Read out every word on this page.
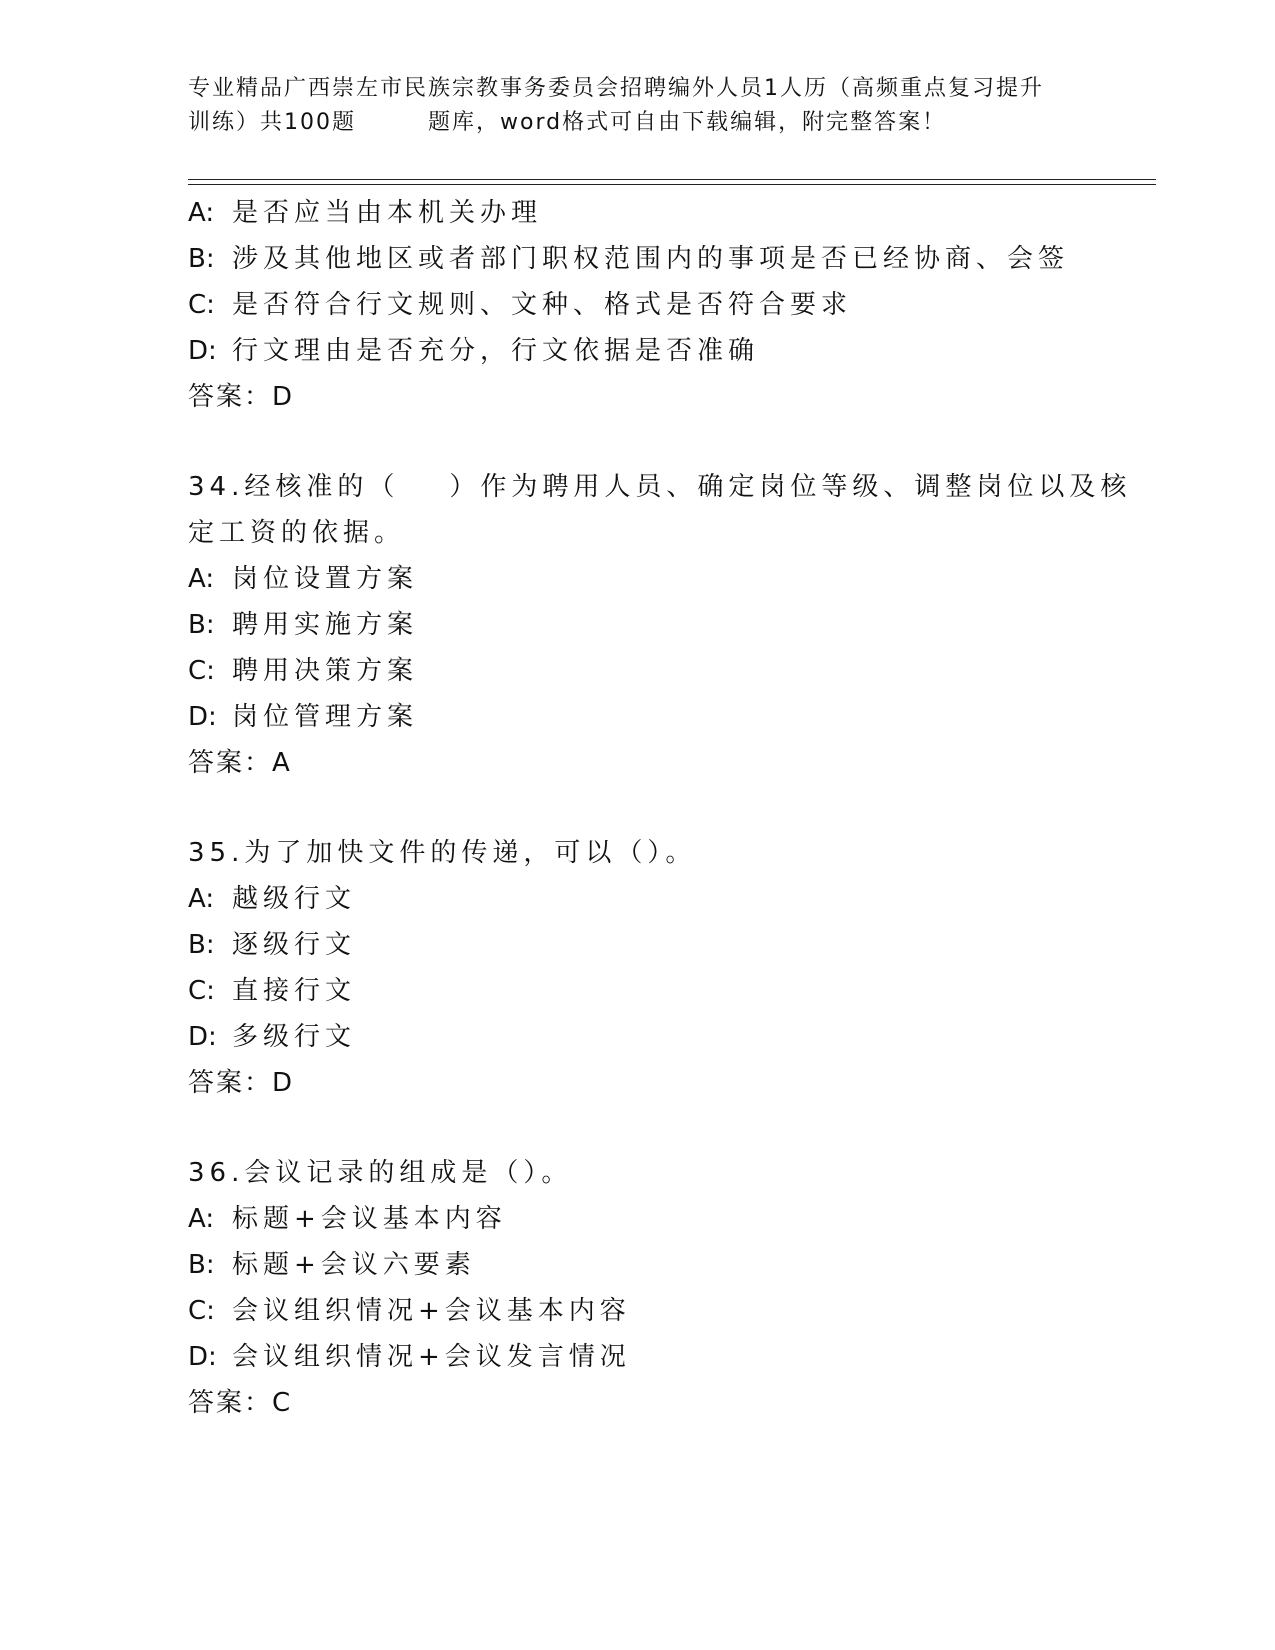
专业精品广西崇左市民族宗教事务委员会招聘编外人员1人历（高频重点复习提升
训练）共100题	题库，word格式可自由下载编辑，附完整答案！
A: 是否应当由本机关办理
B: 涉及其他地区或者部门职权范围内的事项是否已经协商、会签
C: 是否符合行文规则、文种、格式是否符合要求
D: 行文理由是否充分，行文依据是否准确
答案：D
34.经核准的（ ）作为聘用人员、确定岗位等级、调整岗位以及核
定工资的依据。
A: 岗位设置方案
B: 聘用实施方案
C: 聘用决策方案
D: 岗位管理方案
答案：A
35.为了加快文件的传递，可以（）。
A: 越级行文
B: 逐级行文
C: 直接行文
D: 多级行文
答案：D
36.会议记录的组成是（）。
A: 标题+会议基本内容
B: 标题+会议六要素
C: 会议组织情况+会议基本内容
D: 会议组织情况+会议发言情况
答案：C
